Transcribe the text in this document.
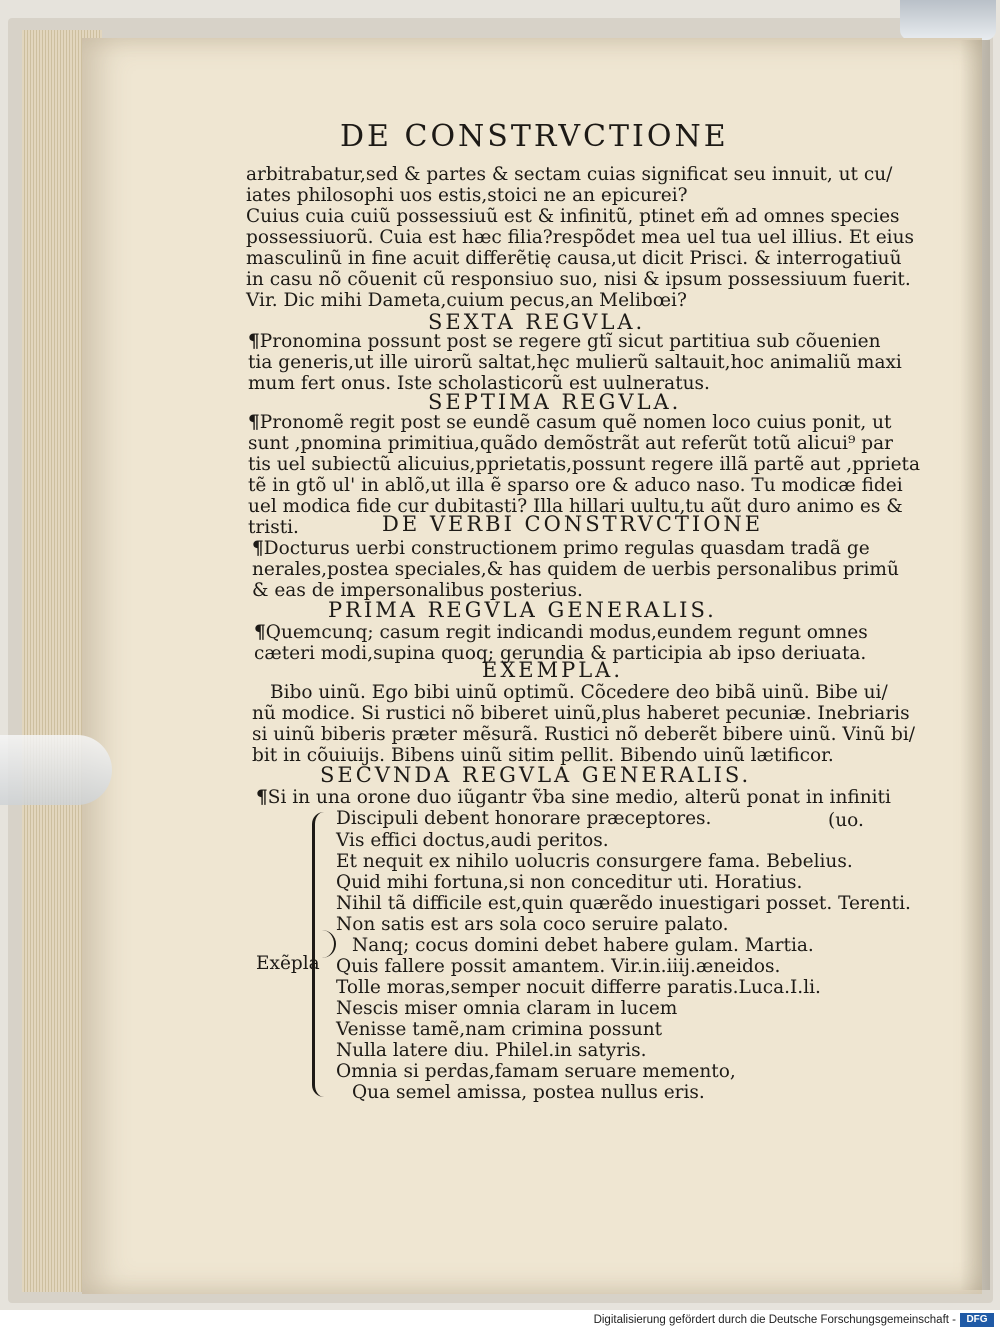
DE CONSTRVCTIONE
arbitrabatur,sed & partes & sectam cuias significat seu innuit, ut cu/
iates philosophi uos estis,stoici ne an epicurei?
Cuius cuia cuiũ possessiuũ est & infinitũ, ptinet em̃ ad omnes species
possessiuorũ. Cuia est hæc filia?respõdet mea uel tua uel illius. Et eius
masculinũ in fine acuit differẽtię causa,ut dicit Prisci. & interrogatiuũ
in casu nõ cõuenit cũ responsiuo suo, nisi & ipsum possessiuum fuerit.
Vir. Dic mihi Dameta,cuium pecus,an Melibœi?
SEXTA REGVLA.
¶Pronomina possunt post se regere gtĩ sicut partitiua sub cõuenien
tia generis,ut ille uirorũ saltat,hęc mulierũ saltauit,hoc animaliũ maxi
mum fert onus. Iste scholasticorũ est uulneratus.
SEPTIMA REGVLA.
¶Pronomẽ regit post se eundẽ casum quẽ nomen loco cuius ponit, ut
sunt ,pnomina primitiua,quãdo demõstrãt aut referũt totũ alicui⁹ par
tis uel subiectũ alicuius,pprietatis,possunt regere illã partẽ aut ,pprieta
tẽ in gtõ ul' in ablõ,ut illa ẽ sparso ore & aduco naso. Tu modicæ fidei
uel modica fide cur dubitasti? Illa hillari uultu,tu aũt duro animo es &
tristi.	DE VERBI CONSTRVCTIONE
¶Docturus uerbi constructionem primo regulas quasdam tradã ge
nerales,postea speciales,& has quidem de uerbis personalibus primũ
& eas de impersonalibus posterius.
PRIMA REGVLA GENERALIS.
¶Quemcunq; casum regit indicandi modus,eundem regunt omnes
cæteri modi,supina quoq; gerundia & participia ab ipso deriuata.
EXEMPLA.
Bibo uinũ. Ego bibi uinũ optimũ. Cõcedere deo bibã uinũ. Bibe ui/
nũ modice. Si rustici nõ biberet uinũ,plus haberet pecuniæ. Inebriaris
si uinũ biberis præter mẽsurã. Rustici nõ deberẽt bibere uinũ. Vinũ bi/
bit in cõuiuijs. Bibens uinũ sitim pellit. Bibendo uinũ lætificor.
SECVNDA REGVLA GENERALIS.
¶Si in una orone duo iũgantr ṽba sine medio, alterũ ponat in infiniti
(uo.
Exẽpla
Discipuli debent honorare præceptores.
Vis effici doctus,audi peritos.
Et nequit ex nihilo uolucris consurgere fama. Bebelius.
Quid mihi fortuna,si non conceditur uti. Horatius.
Nihil tã difficile est,quin quærẽdo inuestigari posset. Terenti.
Non satis est ars sola coco seruire palato.
Nanq; cocus domini debet habere gulam. Martia.
Quis fallere possit amantem. Vir.in.iiij.æneidos.
Tolle moras,semper nocuit differre paratis.Luca.I.li.
Nescis miser omnia claram in lucem
Venisse tamẽ,nam crimina possunt
Nulla latere diu. Philel.in satyris.
Omnia si perdas,famam seruare memento,
Qua semel amissa, postea nullus eris.
Digitalisierung gefördert durch die Deutsche Forschungsgemeinschaft -	DFG
